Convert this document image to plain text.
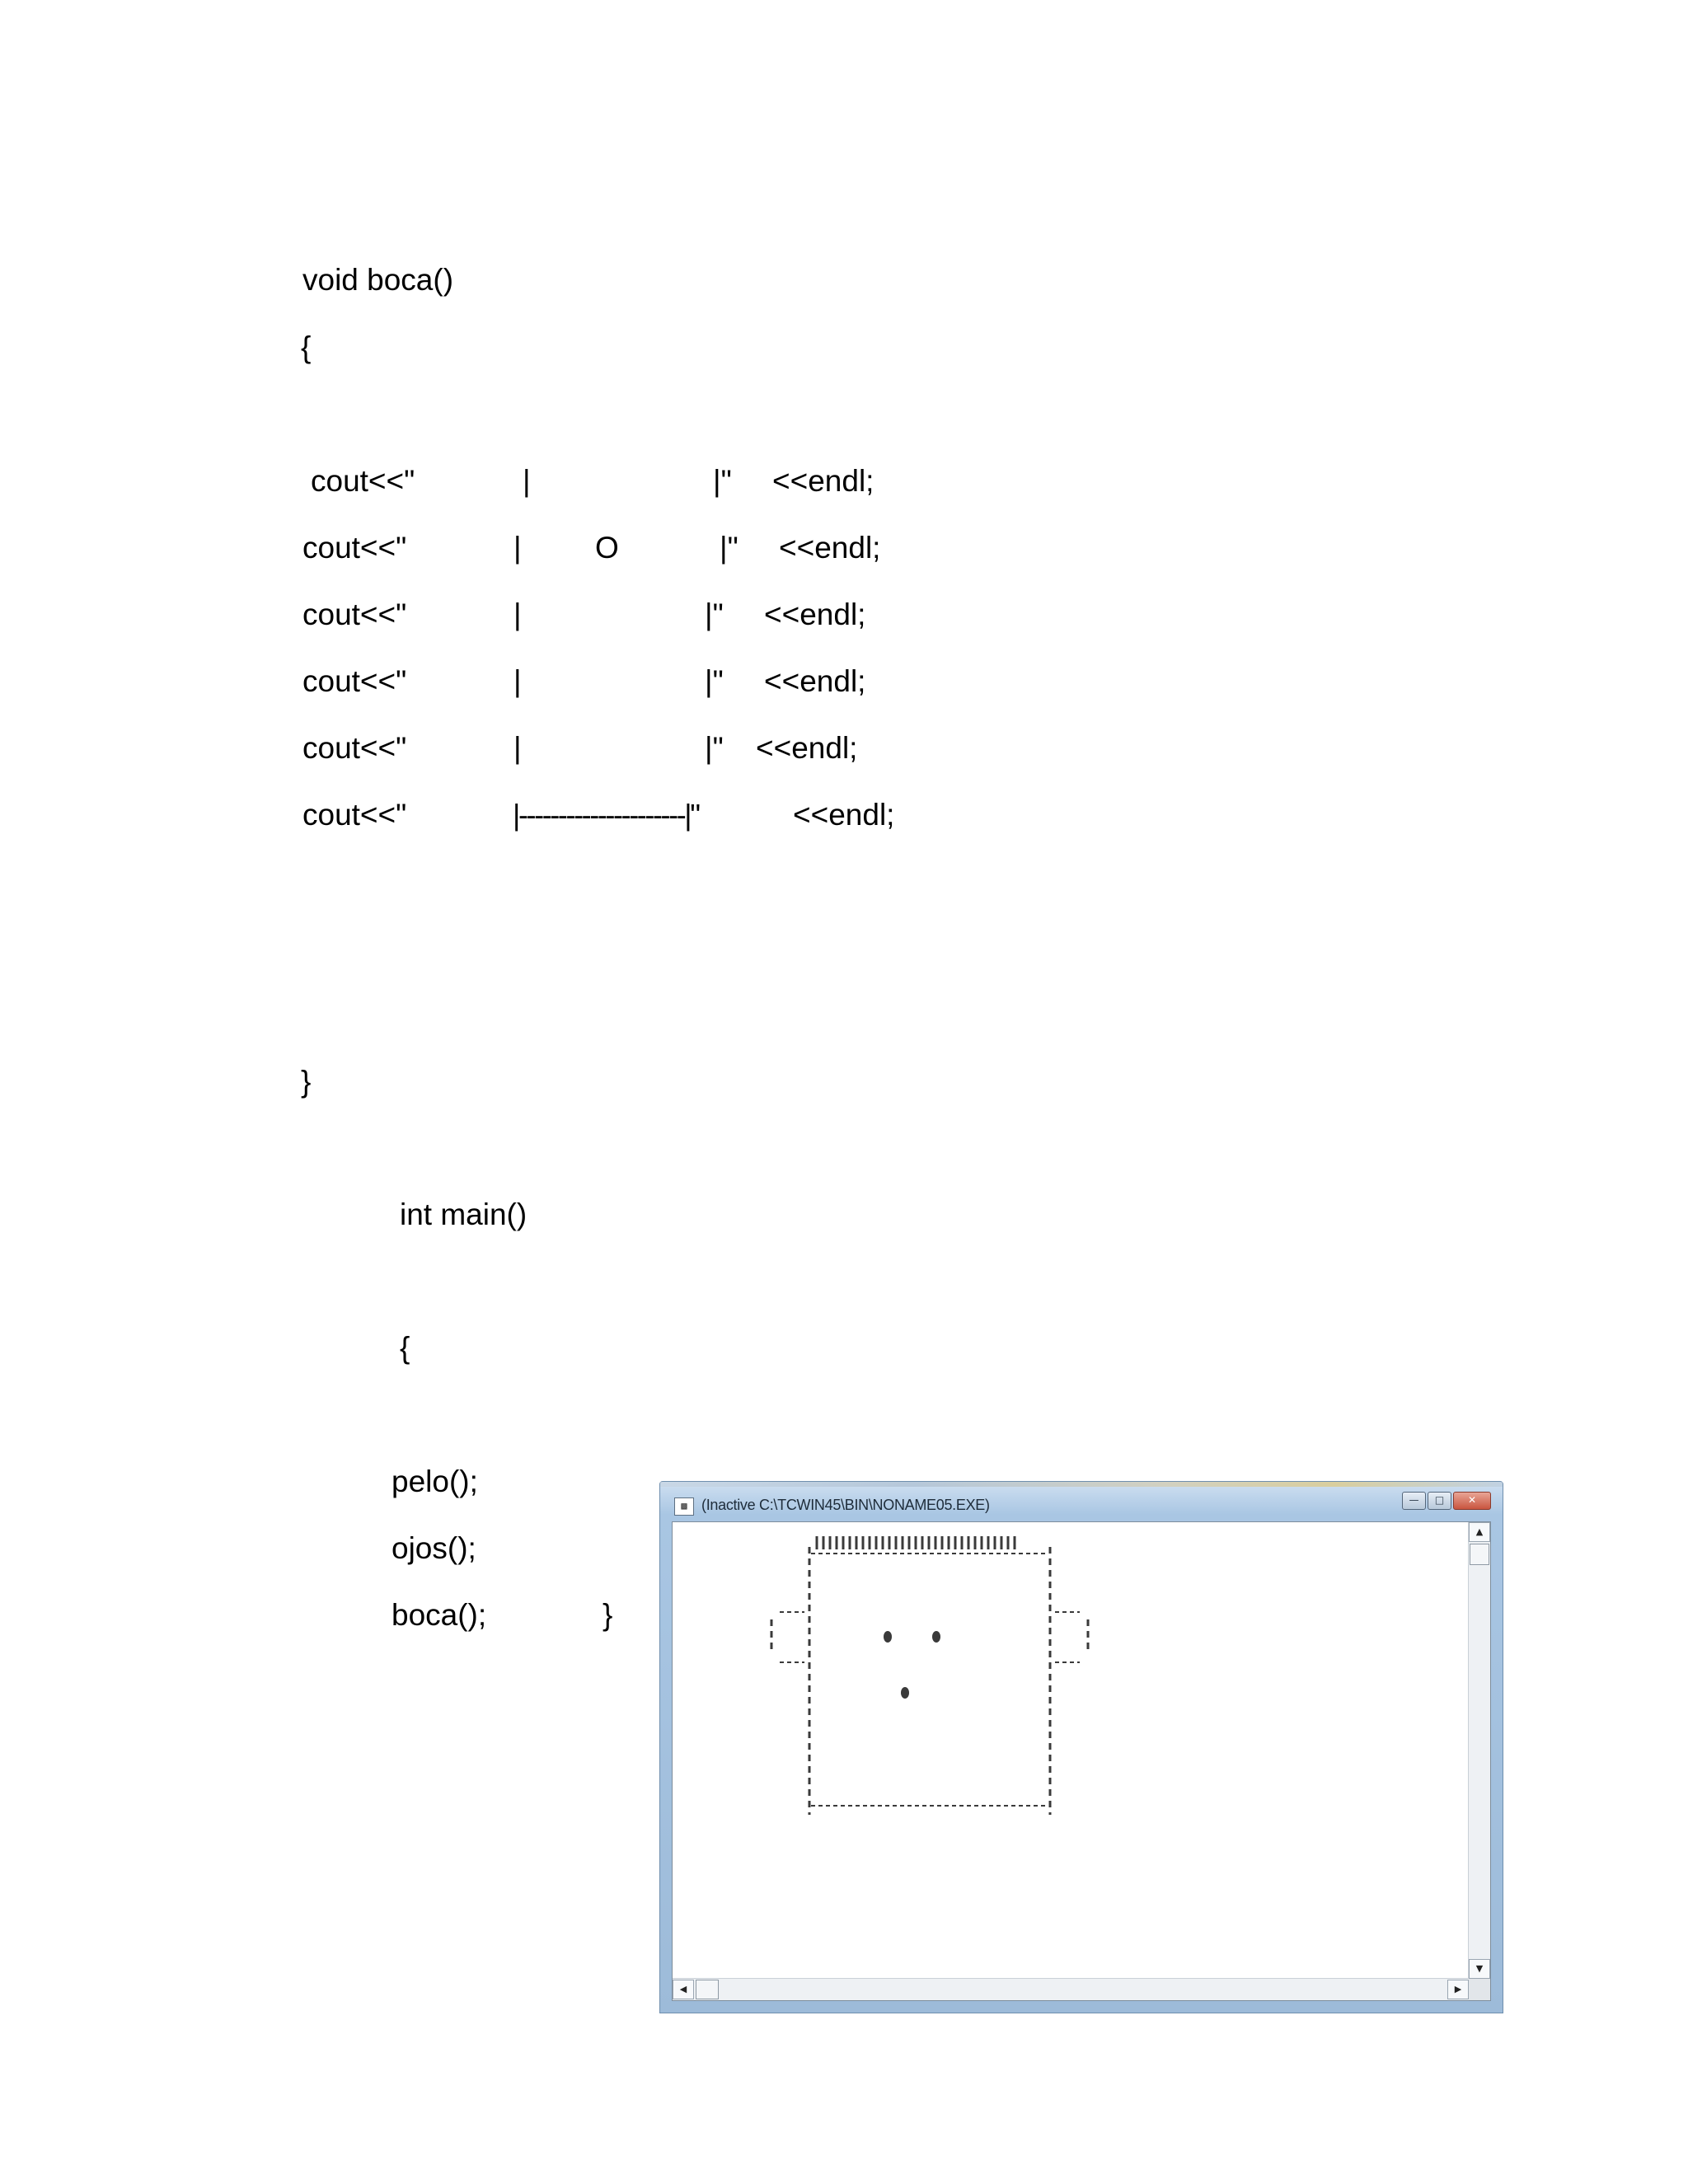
void boca()
{
cout<<"	|	|" <<endl;
cout<<"	| O	|" <<endl;
cout<<"	|	|" <<endl;
cout<<"	|	|" <<endl;
cout<<"	|	|" <<endl;
cout<<"	|---------------------|"	<<endl;
}
int main()
{
pelo();
ojos();
boca();	}
▩ (Inactive C:\TCWIN45\BIN\NONAME05.EXE)	—	□	✕
▲
▼
◀	▶
